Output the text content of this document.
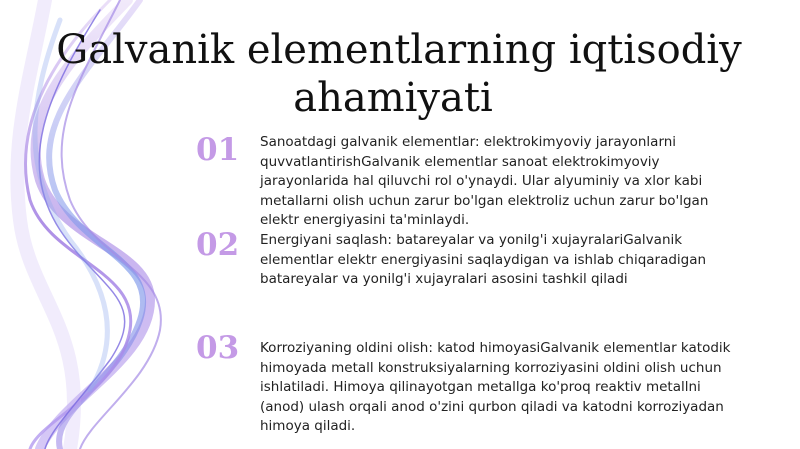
Galvanik elementlarning iqtisodiy
ahamiyati
01	Sanoatdagi galvanik elementlar: elektrokimyoviy jarayonlarni quvvatlantirishGalvanik elementlar sanoat elektrokimyoviy jarayonlarida hal qiluvchi rol o'ynaydi. Ular alyuminiy va xlor kabi metallarni olish uchun zarur bo'lgan elektroliz uchun zarur bo'lgan elektr energiyasini ta'minlaydi.
02	Energiyani saqlash: batareyalar va yonilg'i xujayralariGalvanik elementlar elektr energiyasini saqlaydigan va ishlab chiqaradigan batareyalar va yonilg'i xujayralari asosini tashkil qiladi
03	Korroziyaning oldini olish: katod himoyasiGalvanik elementlar katodik himoyada metall konstruksiyalarning korroziyasini oldini olish uchun ishlatiladi. Himoya qilinayotgan metallga ko'proq reaktiv metallni (anod) ulash orqali anod o'zini qurbon qiladi va katodni korroziyadan himoya qiladi.
